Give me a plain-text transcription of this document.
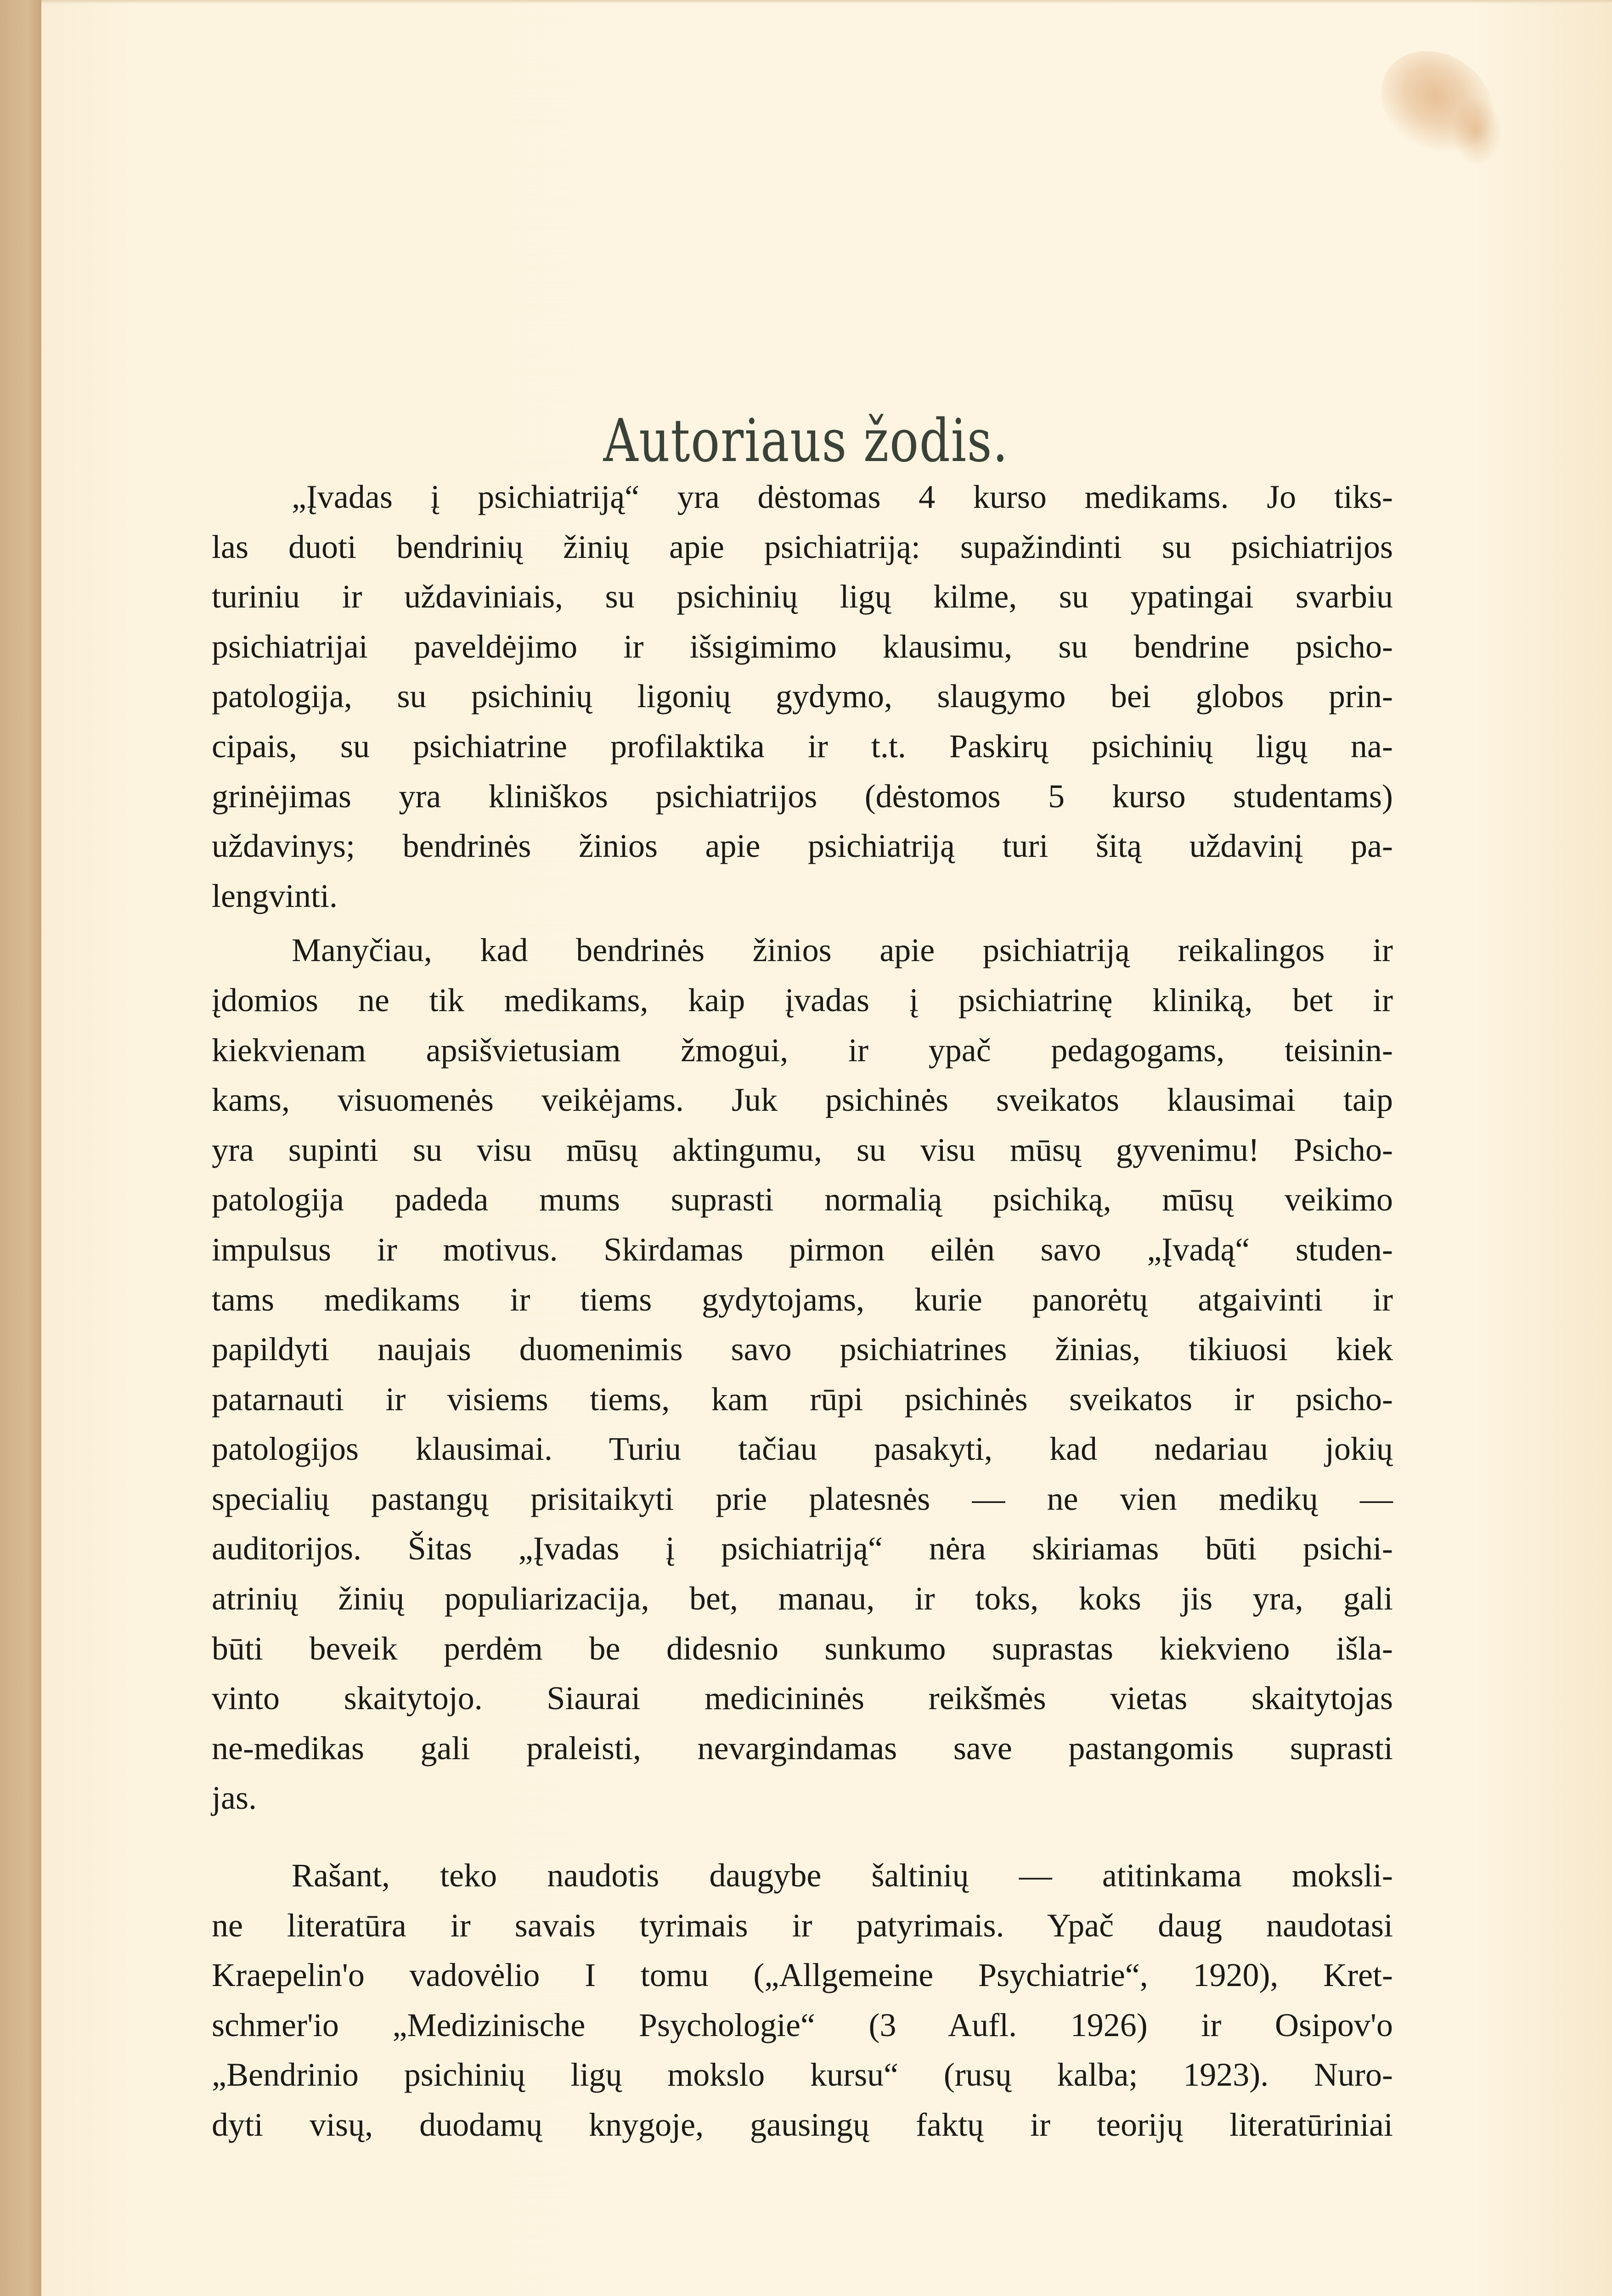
Autoriaus žodis.
„Įvadas į psichiatriją“ yra dėstomas 4 kurso medikams. Jo tiks-
las duoti bendrinių žinių apie psichiatriją: supažindinti su psichiatrijos
turiniu ir uždaviniais, su psichinių ligų kilme, su ypatingai svarbiu
psichiatrijai paveldėjimo ir išsigimimo klausimu, su bendrine psicho-
patologija, su psichinių ligonių gydymo, slaugymo bei globos prin-
cipais, su psichiatrine profilaktika ir t.t. Paskirų psichinių ligų na-
grinėjimas yra kliniškos psichiatrijos (dėstomos 5 kurso studentams)
uždavinys; bendrinės žinios apie psichiatriją turi šitą uždavinį pa-
lengvinti.
Manyčiau, kad bendrinės žinios apie psichiatriją reikalingos ir
įdomios ne tik medikams, kaip įvadas į psichiatrinę kliniką, bet ir
kiekvienam apsišvietusiam žmogui, ir ypač pedagogams, teisinin-
kams, visuomenės veikėjams. Juk psichinės sveikatos klausimai taip
yra supinti su visu mūsų aktingumu, su visu mūsų gyvenimu! Psicho-
patologija padeda mums suprasti normalią psichiką, mūsų veikimo
impulsus ir motivus. Skirdamas pirmon eilėn savo „Įvadą“ studen-
tams medikams ir tiems gydytojams, kurie panorėtų atgaivinti ir
papildyti naujais duomenimis savo psichiatrines žinias, tikiuosi kiek
patarnauti ir visiems tiems, kam rūpi psichinės sveikatos ir psicho-
patologijos klausimai. Turiu tačiau pasakyti, kad nedariau jokių
specialių pastangų prisitaikyti prie platesnės — ne vien medikų —
auditorijos. Šitas „Įvadas į psichiatriją“ nėra skiriamas būti psichi-
atrinių žinių populiarizacija, bet, manau, ir toks, koks jis yra, gali
būti beveik perdėm be didesnio sunkumo suprastas kiekvieno išla-
vinto skaitytojo. Siaurai medicininės reikšmės vietas skaitytojas
ne-medikas gali praleisti, nevargindamas save pastangomis suprasti
jas.
Rašant, teko naudotis daugybe šaltinių — atitinkama moksli-
ne literatūra ir savais tyrimais ir patyrimais. Ypač daug naudotasi
Kraepelin'o vadovėlio I tomu („Allgemeine Psychiatrie“, 1920), Kret-
schmer'io „Medizinische Psychologie“ (3 Aufl. 1926) ir Osipov'o
„Bendrinio psichinių ligų mokslo kursu“ (rusų kalba; 1923). Nuro-
dyti visų, duodamų knygoje, gausingų faktų ir teorijų literatūriniai
